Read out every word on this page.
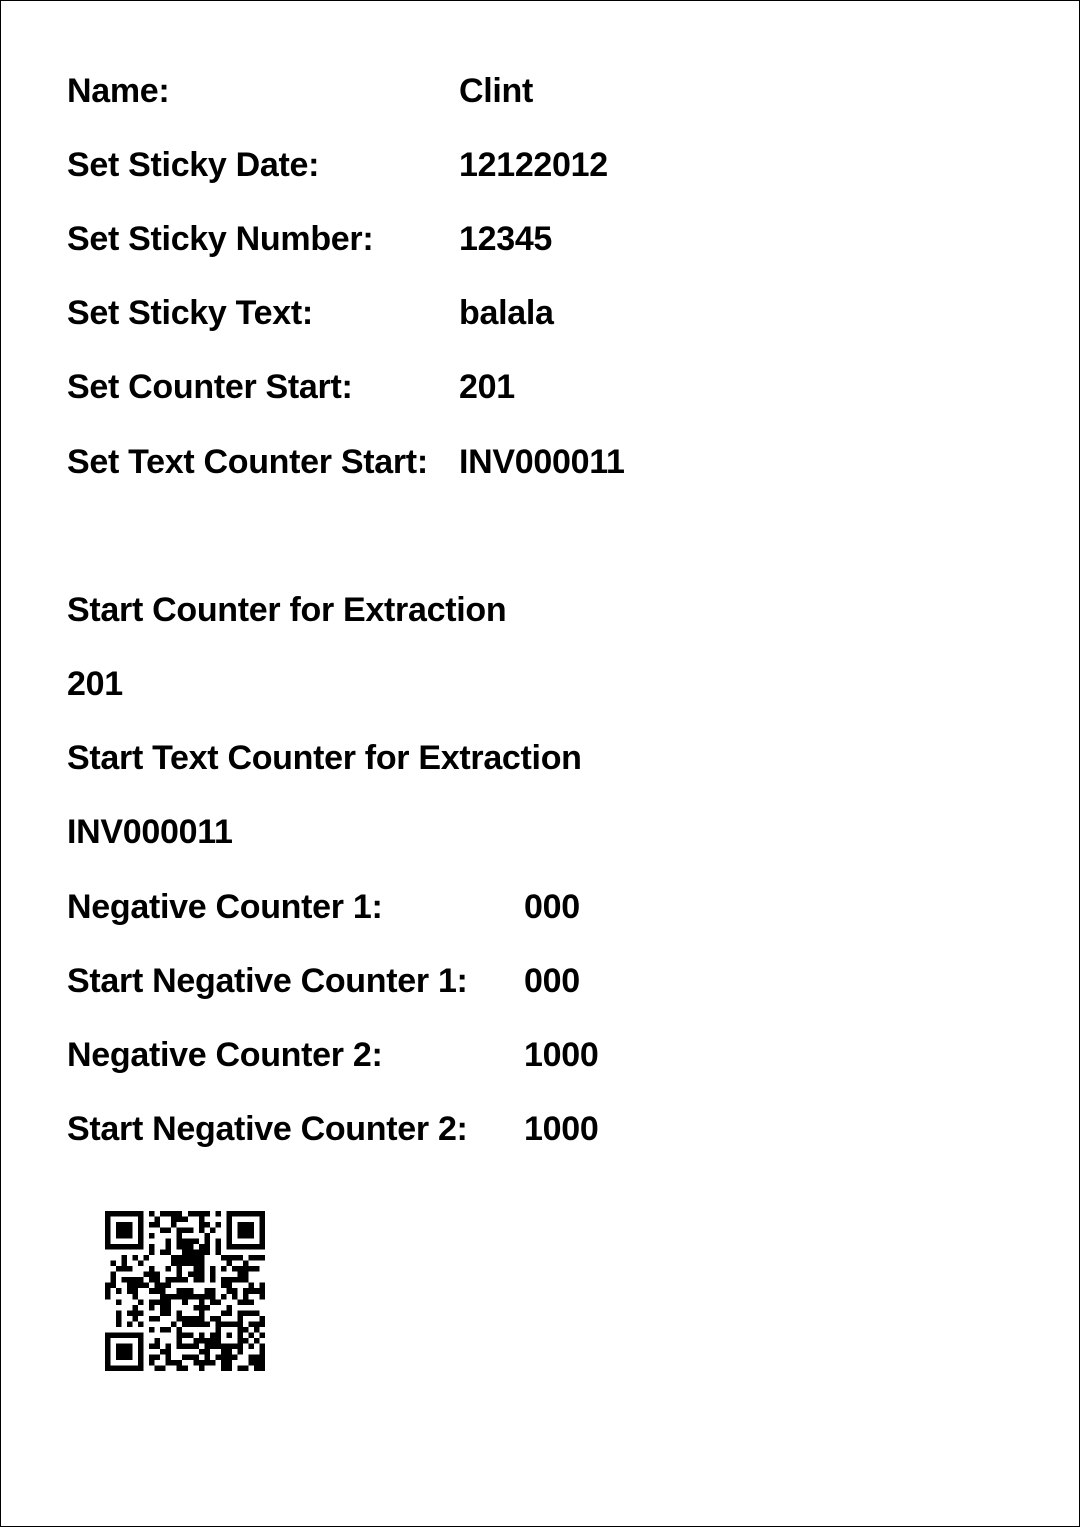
Name:	Clint
Set Sticky Date:	12122012
Set Sticky Number:	12345
Set Sticky Text:	balala
Set Counter Start:	201
Set Text Counter Start: INV000011
Start Counter for Extraction
201
Start Text Counter for Extraction
INV000011
Negative Counter 1:	000
Start Negative Counter 1: 000
Negative Counter 2:	1000
Start Negative Counter 2: 1000
